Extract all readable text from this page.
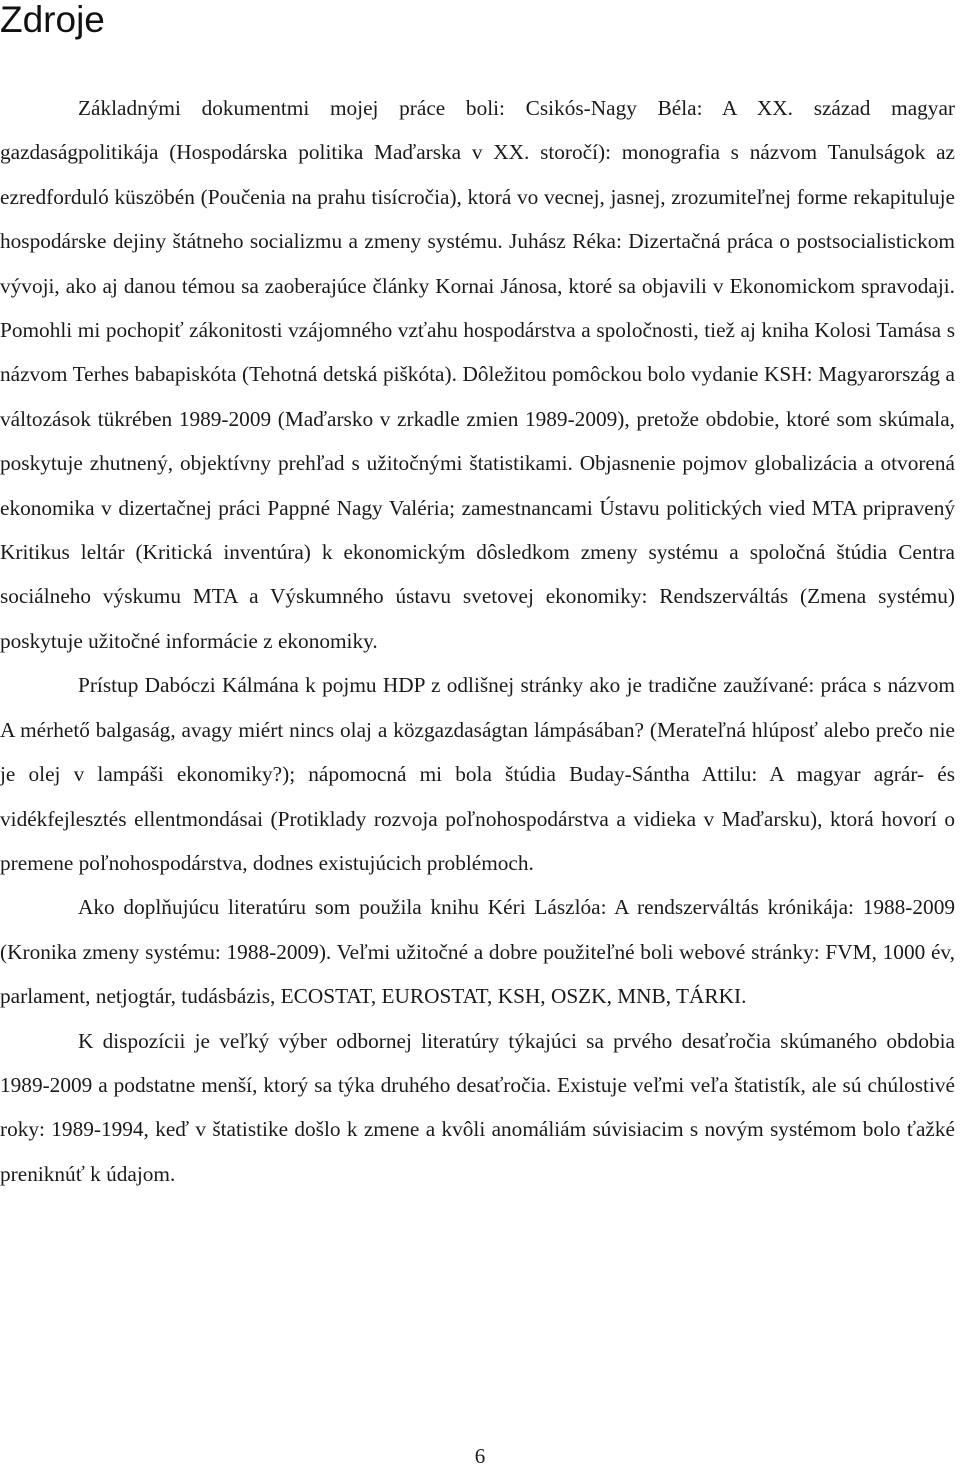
Zdroje

Základnými dokumentmi mojej práce boli: Csikós-Nagy Béla: A XX. század magyar gazdaságpolitikája (Hospodárska politika Maďarska v XX. storočí): monografia s názvom Tanulságok az ezredforduló küszöbén (Poučenia na prahu tisícročia), ktorá vo vecnej, jasnej, zrozumiteľnej forme rekapituluje hospodárske dejiny štátneho socializmu a zmeny systému. Juhász Réka: Dizertačná práca o postsocialistickom vývoji, ako aj danou témou sa zaoberajúce články Kornai Jánosa, ktoré sa objavili v Ekonomickom spravodaji. Pomohli mi pochopiť zákonitosti vzájomného vzťahu hospodárstva a spoločnosti, tiež aj kniha Kolosi Tamása s názvom Terhes babapiskóta (Tehotná detská piškóta). Dôležitou pomôckou bolo vydanie KSH: Magyarország a változások tükrében 1989-2009 (Maďarsko v zrkadle zmien 1989-2009), pretože obdobie, ktoré som skúmala, poskytuje zhutnený, objektívny prehľad s užitočnými štatistikami. Objasnenie pojmov globalizácia a otvorená ekonomika v dizertačnej práci Pappné Nagy Valéria; zamestnancami Ústavu politických vied MTA pripravený Kritikus leltár (Kritická inventúra) k ekonomickým dôsledkom zmeny systému a spoločná štúdia Centra sociálneho výskumu MTA a Výskumného ústavu svetovej ekonomiky: Rendszerváltás (Zmena systému) poskytuje užitočné informácie z ekonomiky.

Prístup Dabóczi Kálmána k pojmu HDP z odlišnej stránky ako je tradične zaužívané: práca s názvom A mérhető balgaság, avagy miért nincs olaj a közgazdaságtan lámpásában? (Merateľná hlúposť alebo prečo nie je olej v lampáši ekonomiky?); nápomocná mi bola štúdia Buday-Sántha Attilu: A magyar agrár- és vidékfejlesztés ellentmondásai (Protiklady rozvoja poľnohospodárstva a vidieka v Maďarsku), ktorá hovorí o premene poľnohospodárstva, dodnes existujúcich problémoch.

Ako doplňujúcu literatúru som použila knihu Kéri Lászlóa: A rendszerváltás krónikája: 1988-2009 (Kronika zmeny systému: 1988-2009). Veľmi užitočné a dobre použiteľné boli webové stránky: FVM, 1000 év, parlament, netjogtár, tudásbázis, ECOSTAT, EUROSTAT, KSH, OSZK, MNB, TÁRKI.

K dispozícii je veľký výber odbornej literatúry týkajúci sa prvého desaťročia skúmaného obdobia 1989-2009 a podstatne menší, ktorý sa týka druhého desaťročia. Existuje veľmi veľa štatistík, ale sú chúlostivé roky: 1989-1994, keď v štatistike došlo k zmene a kvôli anomáliám súvisiacim s novým systémom bolo ťažké preniknúť k údajom.

6
